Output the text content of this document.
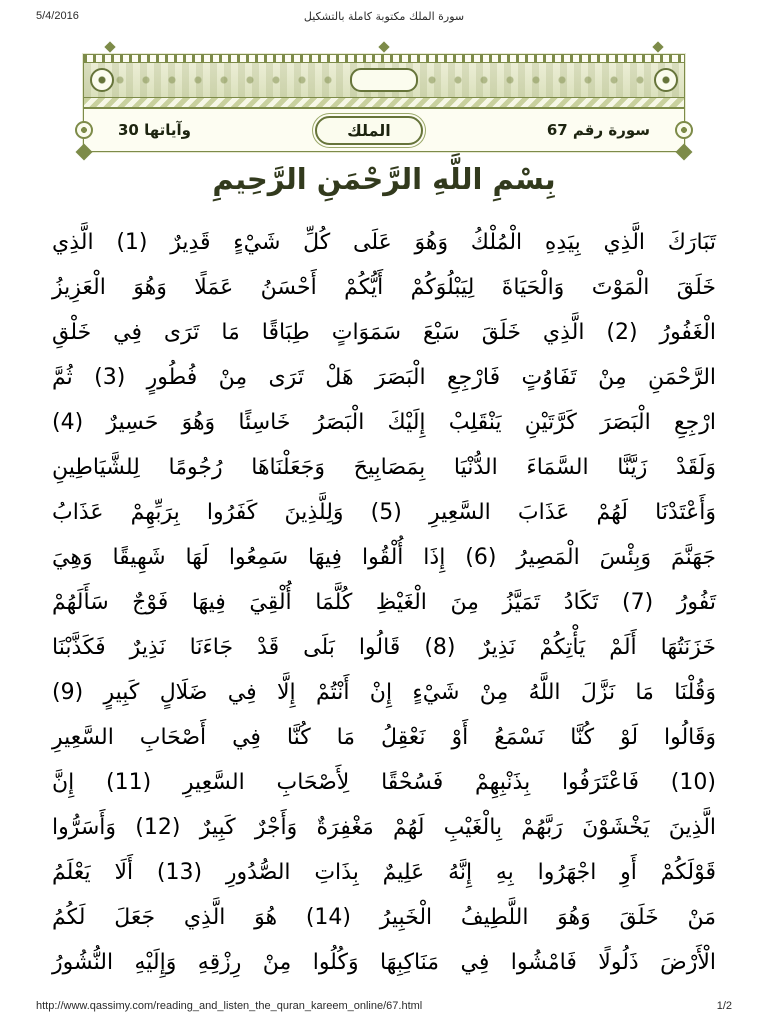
5/4/2016	سورة الملك مكتوبة كاملة بالتشكيل
سورة رقم 67
الملك
وآياتها 30
بِسْمِ اللَّهِ الرَّحْمَنِ الرَّحِيمِ
تَبَارَكَ الَّذِي بِيَدِهِ الْمُلْكُ وَهُوَ عَلَى كُلِّ شَيْءٍ قَدِيرٌ (1) الَّذِي
خَلَقَ الْمَوْتَ وَالْحَيَاةَ لِيَبْلُوَكُمْ أَيُّكُمْ أَحْسَنُ عَمَلًا وَهُوَ الْعَزِيزُ
الْغَفُورُ (2) الَّذِي خَلَقَ سَبْعَ سَمَوَاتٍ طِبَاقًا مَا تَرَى فِي خَلْقِ
الرَّحْمَنِ مِنْ تَفَاوُتٍ فَارْجِعِ الْبَصَرَ هَلْ تَرَى مِنْ فُطُورٍ (3) ثُمَّ
ارْجِعِ الْبَصَرَ كَرَّتَيْنِ يَنْقَلِبْ إِلَيْكَ الْبَصَرُ خَاسِئًا وَهُوَ حَسِيرٌ (4)
وَلَقَدْ زَيَّنَّا السَّمَاءَ الدُّنْيَا بِمَصَابِيحَ وَجَعَلْنَاهَا رُجُومًا لِلشَّيَاطِينِ
وَأَعْتَدْنَا لَهُمْ عَذَابَ السَّعِيرِ (5) وَلِلَّذِينَ كَفَرُوا بِرَبِّهِمْ عَذَابُ
جَهَنَّمَ وَبِئْسَ الْمَصِيرُ (6) إِذَا أُلْقُوا فِيهَا سَمِعُوا لَهَا شَهِيقًا وَهِيَ
تَفُورُ (7) تَكَادُ تَمَيَّزُ مِنَ الْغَيْظِ كُلَّمَا أُلْقِيَ فِيهَا فَوْجٌ سَأَلَهُمْ
خَزَنَتُهَا أَلَمْ يَأْتِكُمْ نَذِيرٌ (8) قَالُوا بَلَى قَدْ جَاءَنَا نَذِيرٌ فَكَذَّبْنَا
وَقُلْنَا مَا نَزَّلَ اللَّهُ مِنْ شَيْءٍ إِنْ أَنْتُمْ إِلَّا فِي ضَلَالٍ كَبِيرٍ (9)
وَقَالُوا لَوْ كُنَّا نَسْمَعُ أَوْ نَعْقِلُ مَا كُنَّا فِي أَصْحَابِ السَّعِيرِ
(10) فَاعْتَرَفُوا بِذَنْبِهِمْ فَسُحْقًا لِأَصْحَابِ السَّعِيرِ (11) إِنَّ
الَّذِينَ يَخْشَوْنَ رَبَّهُمْ بِالْغَيْبِ لَهُمْ مَغْفِرَةٌ وَأَجْرٌ كَبِيرٌ (12) وَأَسَرُّوا
قَوْلَكُمْ أَوِ اجْهَرُوا بِهِ إِنَّهُ عَلِيمٌ بِذَاتِ الصُّدُورِ (13) أَلَا يَعْلَمُ
مَنْ خَلَقَ وَهُوَ اللَّطِيفُ الْخَبِيرُ (14) هُوَ الَّذِي جَعَلَ لَكُمُ
الْأَرْضَ ذَلُولًا فَامْشُوا فِي مَنَاكِبِهَا وَكُلُوا مِنْ رِزْقِهِ وَإِلَيْهِ النُّشُورُ
http://www.qassimy.com/reading_and_listen_the_quran_kareem_online/67.html	1/2
